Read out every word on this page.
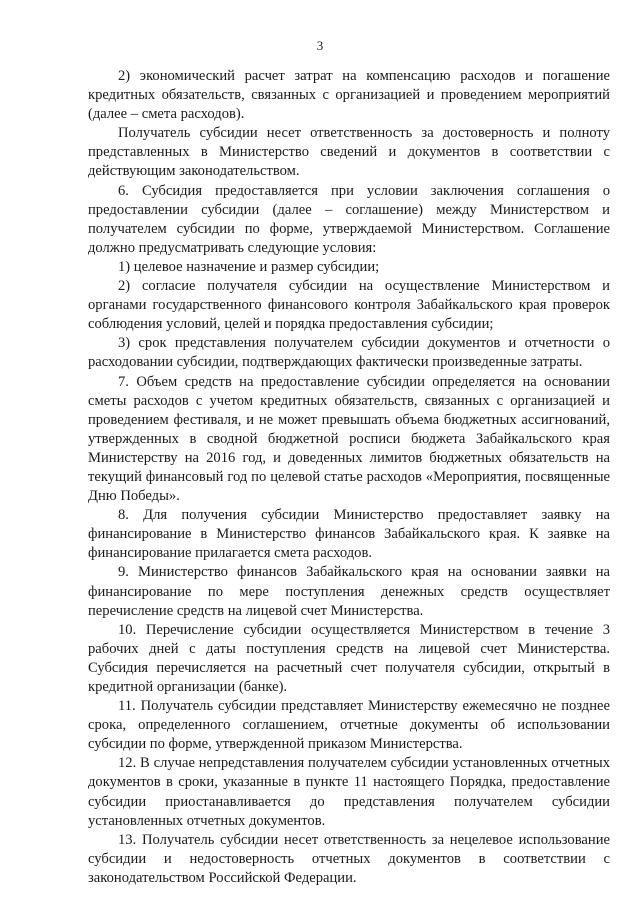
3

2) экономический расчет затрат на компенсацию расходов и погашение кредитных обязательств, связанных с организацией и проведением мероприятий (далее – смета расходов).

Получатель субсидии несет ответственность за достоверность и полноту представленных в Министерство сведений и документов в соответствии с действующим законодательством.

6. Субсидия предоставляется при условии заключения соглашения о предоставлении субсидии (далее – соглашение) между Министерством и получателем субсидии по форме, утверждаемой Министерством. Соглашение должно предусматривать следующие условия:

1) целевое назначение и размер субсидии;

2) согласие получателя субсидии на осуществление Министерством и органами государственного финансового контроля Забайкальского края проверок соблюдения условий, целей и порядка предоставления субсидии;

3) срок представления получателем субсидии документов и отчетности о расходовании субсидии, подтверждающих фактически произведенные затраты.

7. Объем средств на предоставление субсидии определяется на основании сметы расходов с учетом кредитных обязательств, связанных с организацией и проведением фестиваля, и не может превышать объема бюджетных ассигнований, утвержденных в сводной бюджетной росписи бюджета Забайкальского края Министерству на 2016 год, и доведенных лимитов бюджетных обязательств на текущий финансовый год по целевой статье расходов «Мероприятия, посвященные Дню Победы».

8. Для получения субсидии Министерство предоставляет заявку на финансирование в Министерство финансов Забайкальского края. К заявке на финансирование прилагается смета расходов.

9. Министерство финансов Забайкальского края на основании заявки на финансирование по мере поступления денежных средств осуществляет перечисление средств на лицевой счет Министерства.

10. Перечисление субсидии осуществляется Министерством в течение 3 рабочих дней с даты поступления средств на лицевой счет Министерства. Субсидия перечисляется на расчетный счет получателя субсидии, открытый в кредитной организации (банке).

11. Получатель субсидии представляет Министерству ежемесячно не позднее срока, определенного соглашением, отчетные документы об использовании субсидии по форме, утвержденной приказом Министерства.

12. В случае непредставления получателем субсидии установленных отчетных документов в сроки, указанные в пункте 11 настоящего Порядка, предоставление субсидии приостанавливается до представления получателем субсидии установленных отчетных документов.

13. Получатель субсидии несет ответственность за нецелевое использование субсидии и недостоверность отчетных документов в соответствии с законодательством Российской Федерации.
